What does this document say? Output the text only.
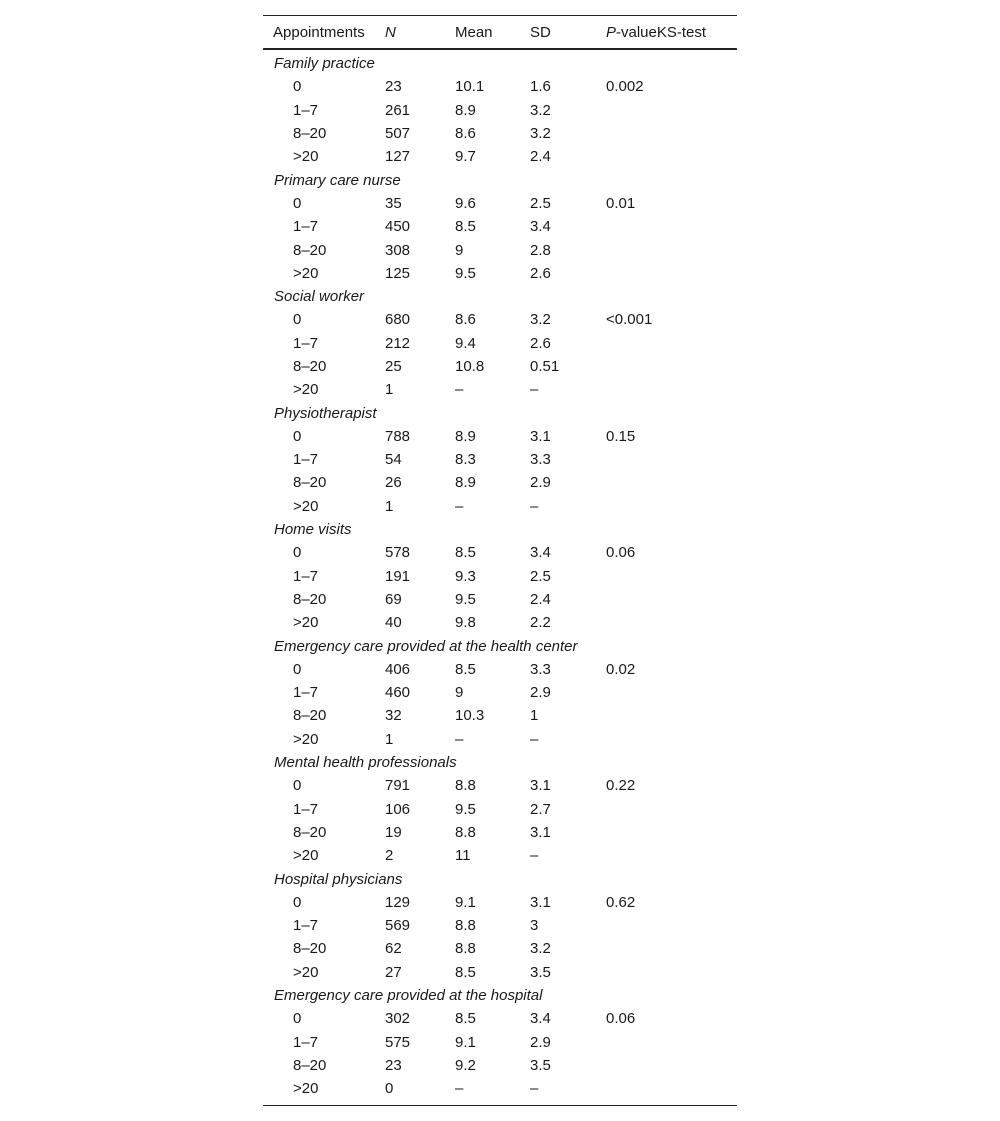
Appointments	N	Mean	SD	P-valueKS-test
Family practice
0	23	10.1	1.6	0.002
1–7	261	8.9	3.2
8–20	507	8.6	3.2
>20	127	9.7	2.4
Primary care nurse
0	35	9.6	2.5	0.01
1–7	450	8.5	3.4
8–20	308	9	2.8
>20	125	9.5	2.6
Social worker
0	680	8.6	3.2	<0.001
1–7	212	9.4	2.6
8–20	25	10.8	0.51
>20	1	–	–
Physiotherapist
0	788	8.9	3.1	0.15
1–7	54	8.3	3.3
8–20	26	8.9	2.9
>20	1	–	–
Home visits
0	578	8.5	3.4	0.06
1–7	191	9.3	2.5
8–20	69	9.5	2.4
>20	40	9.8	2.2
Emergency care provided at the health center
0	406	8.5	3.3	0.02
1–7	460	9	2.9
8–20	32	10.3	1
>20	1	–	–
Mental health professionals
0	791	8.8	3.1	0.22
1–7	106	9.5	2.7
8–20	19	8.8	3.1
>20	2	11	–
Hospital physicians
0	129	9.1	3.1	0.62
1–7	569	8.8	3
8–20	62	8.8	3.2
>20	27	8.5	3.5
Emergency care provided at the hospital
0	302	8.5	3.4	0.06
1–7	575	9.1	2.9
8–20	23	9.2	3.5
>20	0	–	–
